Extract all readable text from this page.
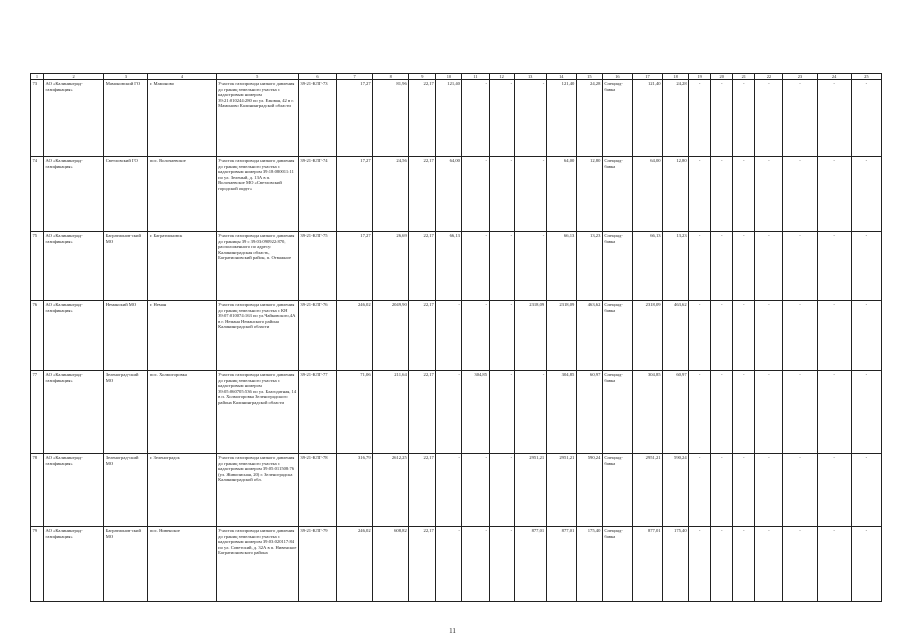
1	2	3	4	5	6	7	8	9	10	11	12	13	14	15	16	17	18	19	20	21	22	23	24	25
73	АО «Калининград-газификация»	Мамоновский ГО	г. Мамоново	Участок газопровода низкого давления до границ земельного участка с кадастровым номером 39:21:010244:280 по ул. Ежовая, 42 в г. Мамоново Калининградской области	39-21-КЛГ-73	17,27	81,96	22,17	121,40	-	-	-	121,40	24,28	Специад-бавка	121,40	24,28	-	-	-	-	-	-	-
74	АО «Калининград-газификация»	Светловский ГО	пос. Волочаевское	Участок газопровода низкого давления до границ земельного участка с кадастровым номером 39:18:080011:11 по ул. Зеленый, д. 13А в п. Волочаевское МО «Светловский городской округ»	39-21-КЛГ-74	17,27	24,56	22,17	64,00	-	-	-	64,00	12,80	Специад-бавка	64,00	12,80	-	-	-	-	-	-	-
75	АО «Калининград-газификация»	Багратионов-ский МО	г. Багратионовск	Участок газопровода низкого давления до границы 39 с 39:03:090922:870, расположенного по адресу: Калининградская область, Багратионовский район, п. Отважное	39-21-КЛГ-75	17,27	26,69	22,17	66,13	-	-	-	66,13	13,23	Специад-бавка	66,13	13,23	-	-	-	-	-	-	-
76	АО «Калининград-газификация»	Неманский МО	г. Неман	Участок газопровода низкого давления до границ земельного участка с КН 39:07:010074:163 по ул.Чайковского,4А в г. Немана Неманского района Калининградской области	39-21-КЛГ-76	246,02	2049,90	22,17	-	-	-	2318,09	2318,09	463,62	Специад-бавка	2318,09	463,62	-	-	-	-	-	-	-
77	АО «Калининград-газификация»	Зеленоград-ский МО	пос. Холмогоровка	Участок газопровода низкого давления до границ земельного участка с кадастровым номером 39:05:060705:536 по ул. Благодатная, 14 в п. Холмогоровка Зеленоградского района Калининградской области	39-21-КЛГ-77	71,06	211,64	22,17	-	304,85	-	-	304,85	60,97	Специад-бавка	304,85	60,97	-	-	-	-	-	-	-
78	АО «Калининград-газификация»	Зеленоград-ский МО	г. Зеленоградск	Участок газопровода низкого давления до границ земельного участка с кадастровым номером 39:05:011508:76 (ул. Живописная, 20) г. Зеленоградска Калининградской обл.	39-21-КЛГ-78	316,79	2612,25	22,17	-	-	-	2951,21	2951,21	590,24	Специад-бавка	2951,21	590,24	-	-	-	-	-	-	-
79	АО «Калининград-газификация»	Багратионов-ский МО	пос. Нивенское	Участок газопровода низкого давления до границ земельного участка с кадастровым номером 39:03:020117:84 по ул. Советский, д. 32А в п. Нивенское Багратионовского района	39-21-КЛГ-79	246,02	608,82	22,17	-	-	-	877,01	877,01	175,40	Специад-бавка	877,01	175,40	-	-	-	-	-	-	-
11
